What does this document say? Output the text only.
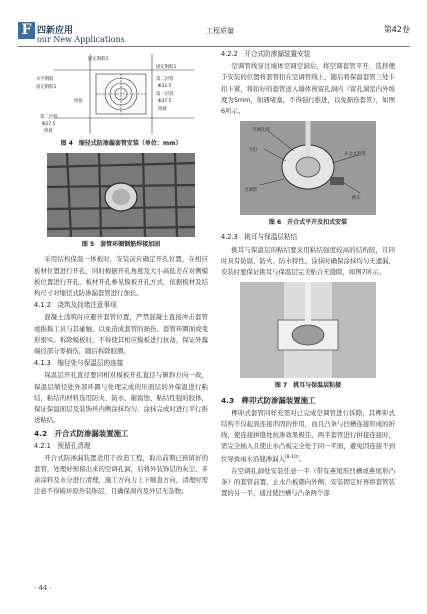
F 四新应用
our New Applications
工程质量	第42卷
固定钢筋1
水平钢筋
固定钢筋1
焊接
固定钢筋1
第二层管
Φ32.5
第一层管
Φ37.5
焊接
第二层管
Φ27.5
焊接
图 4　缩径式防渗漏套管安装（单位：mm）
图 5　套管环圈钢筋焊接加固

采用结构保温一体板时，安装前应确定开孔位置，在相应板材位置进行开孔，同时根据开孔角度及大小高低差在对侧模板位置进行开孔，板材开孔参见模板开孔方式，依据板材及结构尺寸对缩径式防渗漏套管进行加长。

4.1.2　浇筑及找堵注意事项

混凝土浇筑时应避开套管位置，严禁混凝土直接冲击套管或振捣工具与其碰触，以免造成套管的损伤、套管环圈面或变形密实。拆除模板时，不得使其相应模板进行抗劫，保证外露端径部分零损伤，随后拆除胶圈。

4.1.3　缩径处与保温层的连接

保温层开孔直径要同相对模板开孔直径与倾斜方向一致，保温层缩径处外部环圈与处理完成的压面层的外保温进行粘结，粘结的材料选用防火、防水、耐腐蚀、粘结性强的胶体，保证保温面层及装饰环内侧涂抹均匀，涂抹完成时进行平行推送粘结。

4.2　开合式防渗漏装置施工
4.2.1　预留孔清理

开合式防渗漏装置适用于改造工程，取出前期已预留好的套管，处理好预留出来的空调孔洞，后将外装饰层的灰尘、多余涂料及水分进行清理，施工方向力上下顺直方向，清理时需注意不得破坏原外装饰层，且确保洞内及外层无杂物。

4.2.2　开合式防渗漏装置安装

空调管线穿过墙体空调空洞后，将空调套管平开，选择便于安装的位置将套管扣在空调管线上，随后将保温套管三处卡扣卡紧，将扣好的套管送入墙体预留孔洞内（留孔洞室内外坡度为5mm，如遇堵塞，不得强行推进，以免损伤套管），如图6所示。

空调孔洞
卡扣
开合式套管
空调管
换车
图 6　开合式平开及扣式安装
4.2.3　挑耳与保温层粘结

挑耳与保温层的粘结要采用粘结强度较高的结构胶，且同时具有防腐、防火、防水特性。涂抹时确保涂抹均匀无遗漏，安装时要保证挑耳与保温层完美贴合无缝隙，如图7所示。

图 7　挑耳与保温层粘接
4.3　榫卯式防渗漏装置施工

榫卯式套管同样充需对已完成空调管进行拆除，其榫卯式结构不仅起到连接串固的作用，而且凸条与凹槽连接形成的折线，使连接拼缝处抗渗效果极佳，两半套管进行拼接连接时，需完全插入且使止水凸板完全处于同一平面，避免因连接不到位导致雨水沿缝渗漏入[8-10]。

在空调孔洞处安装任意一半（带有燕尾形凹槽或燕尾形凸条）的套管前置，止水凸板朝向外侧，安装固定好再将套管装置的另一半，通过使凹槽与凸条两个部

· 44 ·
